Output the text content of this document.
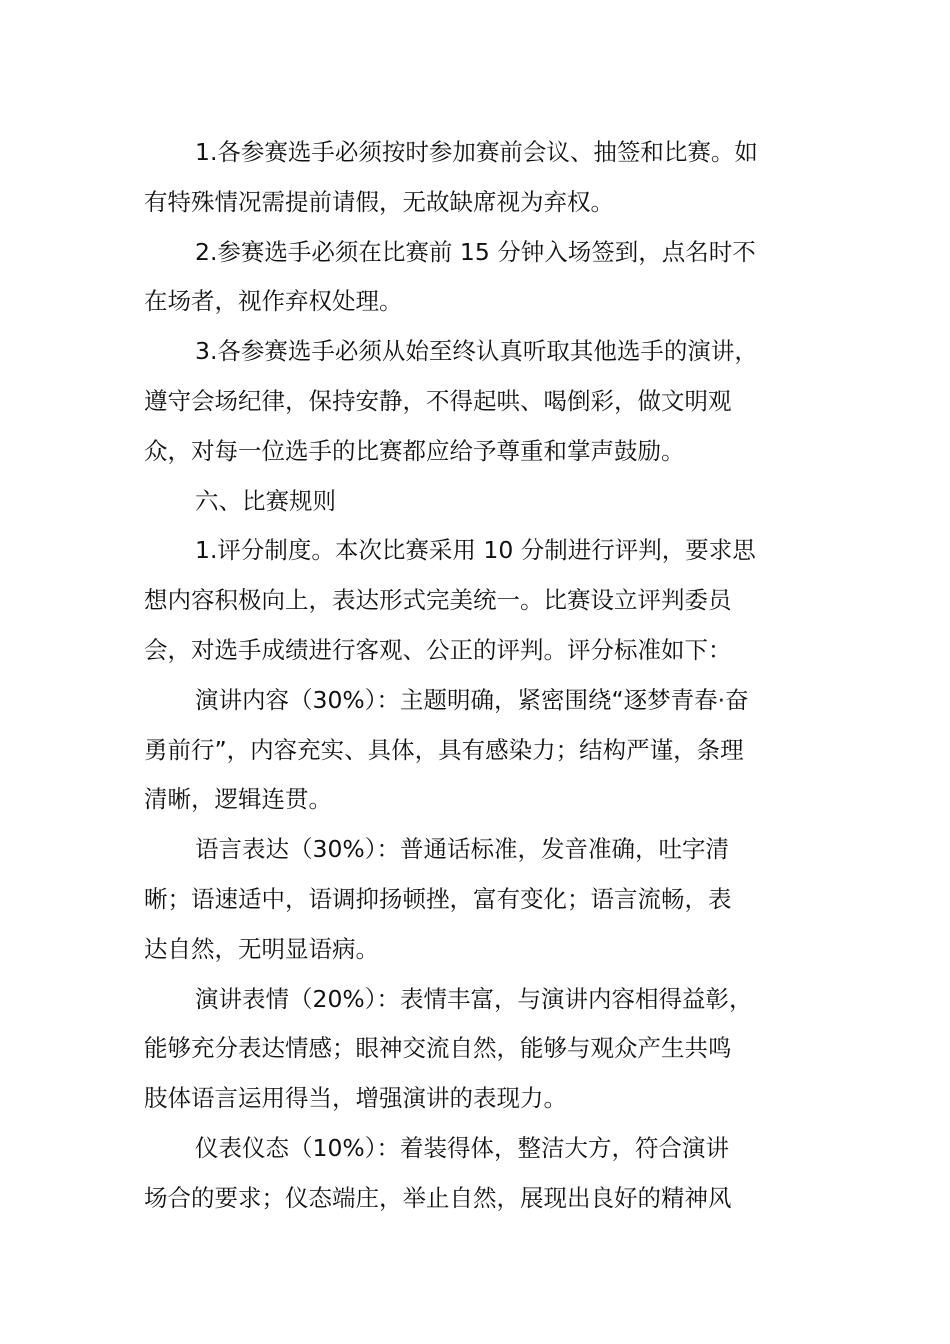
1.各参赛选手必须按时参加赛前会议、抽签和比赛。如
有特殊情况需提前请假，无故缺席视为弃权。
2.参赛选手必须在比赛前 15 分钟入场签到，点名时不
在场者，视作弃权处理。
3.各参赛选手必须从始至终认真听取其他选手的演讲，
遵守会场纪律，保持安静，不得起哄、喝倒彩，做文明观
众，对每一位选手的比赛都应给予尊重和掌声鼓励。
六、比赛规则
1.评分制度。本次比赛采用 10 分制进行评判，要求思
想内容积极向上，表达形式完美统一。比赛设立评判委员
会，对选手成绩进行客观、公正的评判。评分标准如下：
演讲内容（30%）：主题明确，紧密围绕“逐梦青春·奋
勇前行”，内容充实、具体，具有感染力；结构严谨，条理
清晰，逻辑连贯。
语言表达（30%）：普通话标准，发音准确，吐字清
晰；语速适中，语调抑扬顿挫，富有变化；语言流畅，表
达自然，无明显语病。
演讲表情（20%）：表情丰富，与演讲内容相得益彰，
能够充分表达情感；眼神交流自然，能够与观众产生共鸣
肢体语言运用得当，增强演讲的表现力。
仪表仪态（10%）：着装得体，整洁大方，符合演讲
场合的要求；仪态端庄，举止自然，展现出良好的精神风
